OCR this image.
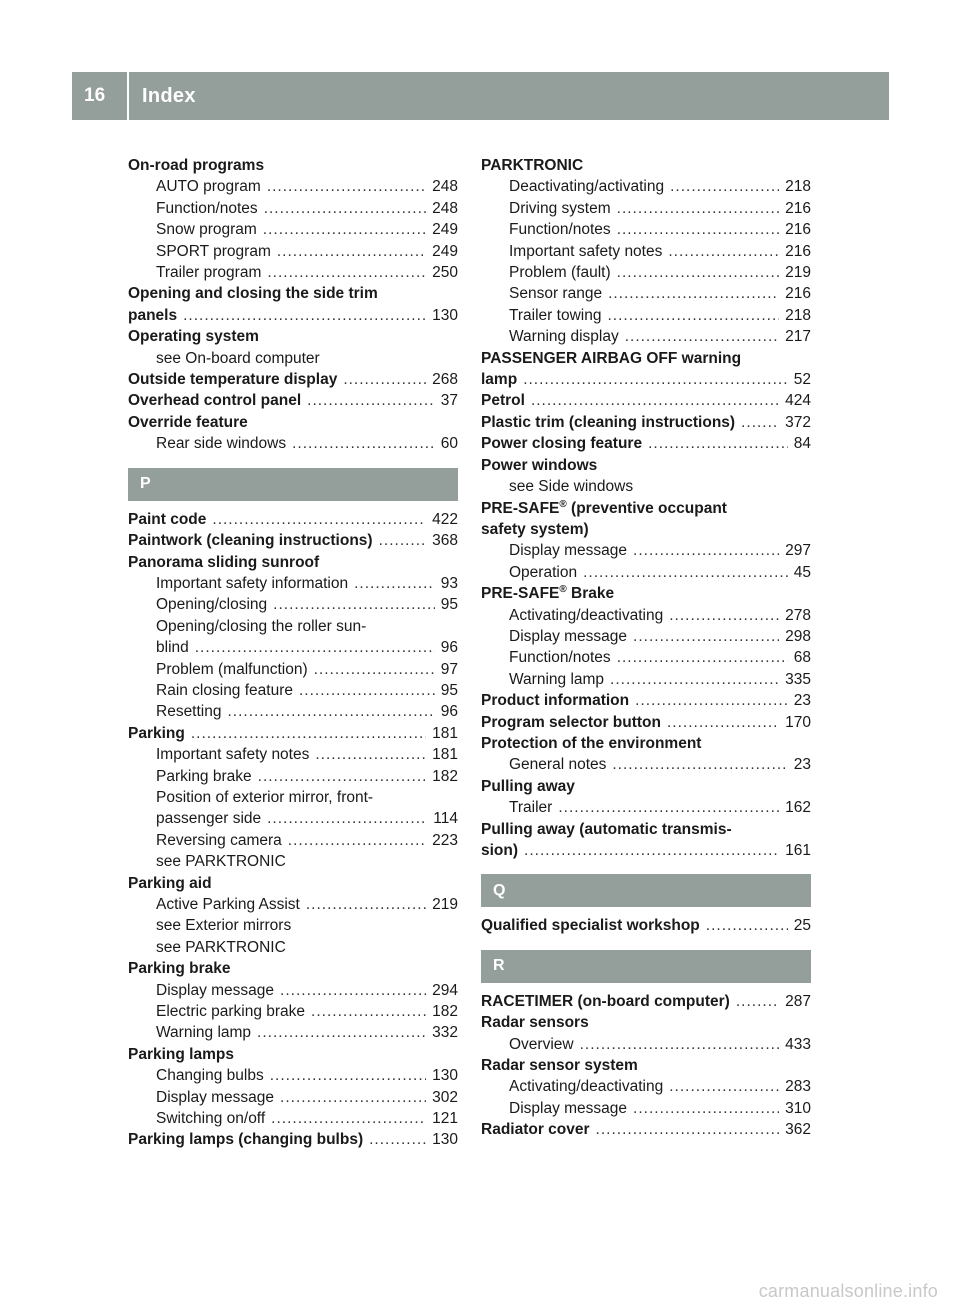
16	Index
On-road programs
AUTO program .....	248
Function/notes .....	248
Snow program .....	249
SPORT program .....	249
Trailer program .....	250
Opening and closing the side trim
panels .....	130
Operating system
see On-board computer
Outside temperature display .....	268
Overhead control panel .....	37
Override feature
Rear side windows .....	60
P
Paint code .....	422
Paintwork (cleaning instructions) .....	368
Panorama sliding sunroof
Important safety information .....	93
Opening/closing .....	95
Opening/closing the roller sun-
blind .....	96
Problem (malfunction) .....	97
Rain closing feature .....	95
Resetting .....	96
Parking .....	181
Important safety notes .....	181
Parking brake .....	182
Position of exterior mirror, front-
passenger side .....	114
Reversing camera .....	223
see PARKTRONIC
Parking aid
Active Parking Assist .....	219
see Exterior mirrors
see PARKTRONIC
Parking brake
Display message .....	294
Electric parking brake .....	182
Warning lamp .....	332
Parking lamps
Changing bulbs .....	130
Display message .....	302
Switching on/off .....	121
Parking lamps (changing bulbs) .....	130
PARKTRONIC
Deactivating/activating .....	218
Driving system .....	216
Function/notes .....	216
Important safety notes .....	216
Problem (fault) .....	219
Sensor range .....	216
Trailer towing .....	218
Warning display .....	217
PASSENGER AIRBAG OFF warning
lamp .....	52
Petrol .....	424
Plastic trim (cleaning instructions) .....	372
Power closing feature .....	84
Power windows
see Side windows
PRE-SAFE® (preventive occupant
safety system)
Display message .....	297
Operation .....	45
PRE-SAFE® Brake
Activating/deactivating .....	278
Display message .....	298
Function/notes .....	68
Warning lamp .....	335
Product information .....	23
Program selector button .....	170
Protection of the environment
General notes .....	23
Pulling away
Trailer .....	162
Pulling away (automatic transmis-
sion) .....	161
Q
Qualified specialist workshop .....	25
R
RACETIMER (on-board computer) .....	287
Radar sensors
Overview .....	433
Radar sensor system
Activating/deactivating .....	283
Display message .....	310
Radiator cover .....	362
carmanualsonline.info
